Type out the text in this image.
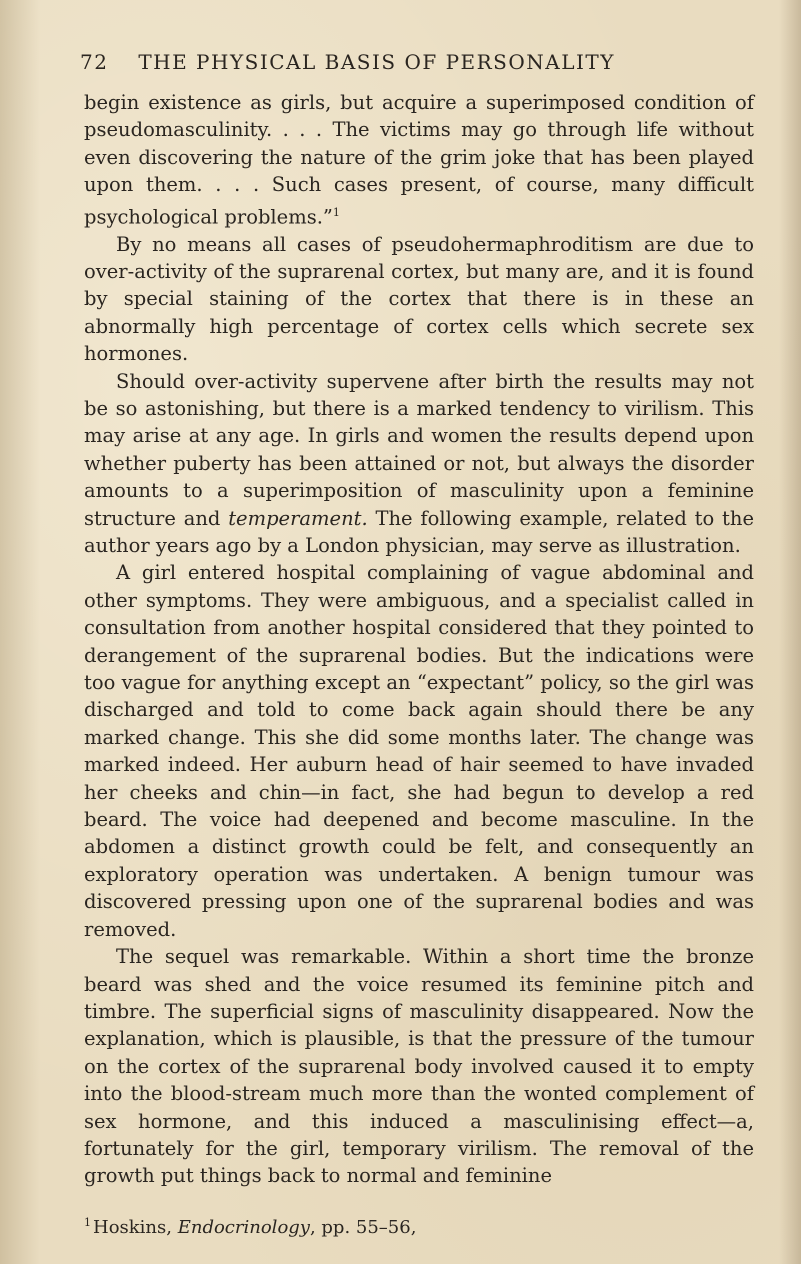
72 THE PHYSICAL BASIS OF PERSONALITY

begin existence as girls, but acquire a superimposed condition of pseudomasculinity. . . . The victims may go through life without even discovering the nature of the grim joke that has been played upon them. . . . Such cases present, of course, many difficult psychological problems.”$^1$

By no means all cases of pseudohermaphroditism are due to over-activity of the suprarenal cortex, but many are, and it is found by special staining of the cortex that there is in these an abnormally high percentage of cortex cells which secrete sex hormones.

Should over-activity supervene after birth the results may not be so astonishing, but there is a marked tendency to virilism. This may arise at any age. In girls and women the results depend upon whether puberty has been attained or not, but always the disorder amounts to a superimposition of masculinity upon a feminine structure and temperament. The following example, related to the author years ago by a London physician, may serve as illustration.

A girl entered hospital complaining of vague abdominal and other symptoms. They were ambiguous, and a specialist called in consultation from another hospital considered that they pointed to derangement of the suprarenal bodies. But the indications were too vague for anything except an “expectant” policy, so the girl was discharged and told to come back again should there be any marked change. This she did some months later. The change was marked indeed. Her auburn head of hair seemed to have invaded her cheeks and chin—in fact, she had begun to develop a red beard. The voice had deepened and become masculine. In the abdomen a distinct growth could be felt, and consequently an exploratory operation was undertaken. A benign tumour was discovered pressing upon one of the suprarenal bodies and was removed.

The sequel was remarkable. Within a short time the bronze beard was shed and the voice resumed its feminine pitch and timbre. The superficial signs of masculinity disappeared. Now the explanation, which is plausible, is that the pressure of the tumour on the cortex of the suprarenal body involved caused it to empty into the blood-stream much more than the wonted complement of sex hormone, and this induced a masculinising effect—a, fortunately for the girl, temporary virilism. The removal of the growth put things back to normal and feminine

$^1$ Hoskins, Endocrinology, pp. 55–56,
